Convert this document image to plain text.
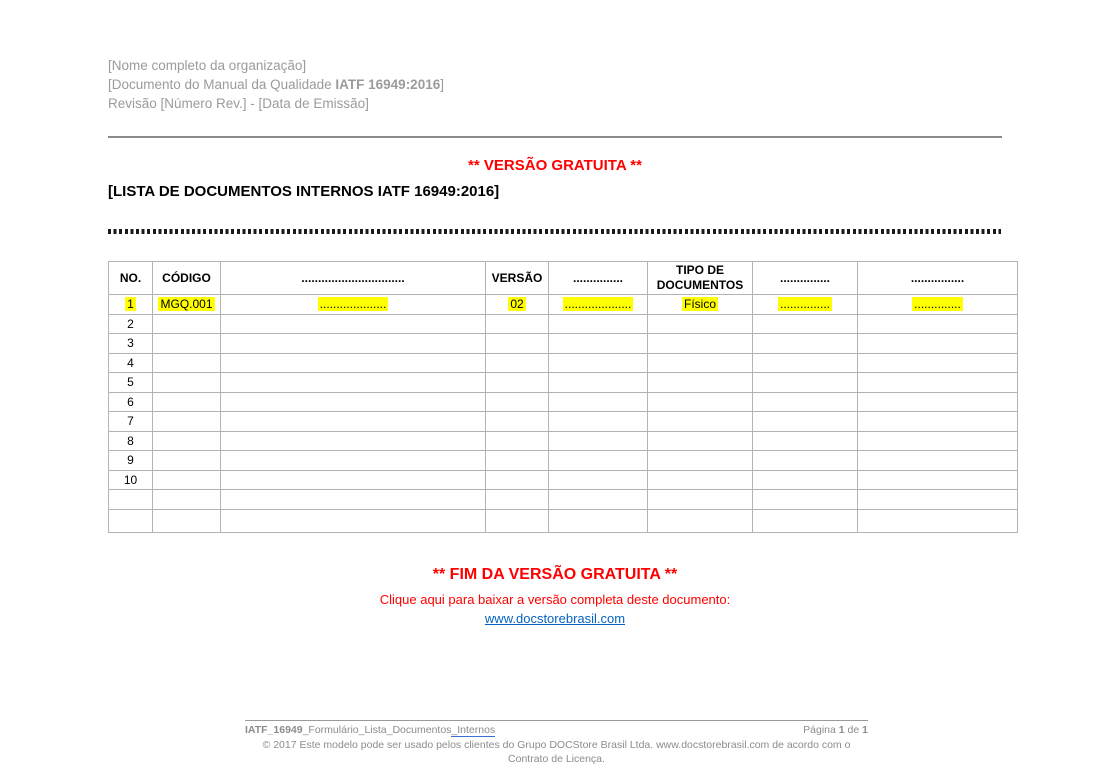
[Nome completo da organização]
[Documento do Manual da Qualidade IATF 16949:2016]
Revisão [Número Rev.] - [Data de Emissão]
** VERSÃO GRATUITA **
[LISTA DE DOCUMENTOS INTERNOS IATF 16949:2016]
NO.	CÓDIGO	...............................	VERSÃO	...............	TIPO DE DOCUMENTOS	...............	................
1	MGQ.001	....................	02	....................	Físico	...............	..............
2							
3							
4							
5							
6							
7							
8							
9							
10							

** FIM DA VERSÃO GRATUITA **
Clique aqui para baixar a versão completa deste documento:
www.docstorebrasil.com
IATF_16949_Formulário_Lista_Documentos_Internos	Página 1 de 1
© 2017 Este modelo pode ser usado pelos clientes do Grupo DOCStore Brasil Ltda. www.docstorebrasil.com de acordo com o Contrato de Licença.
